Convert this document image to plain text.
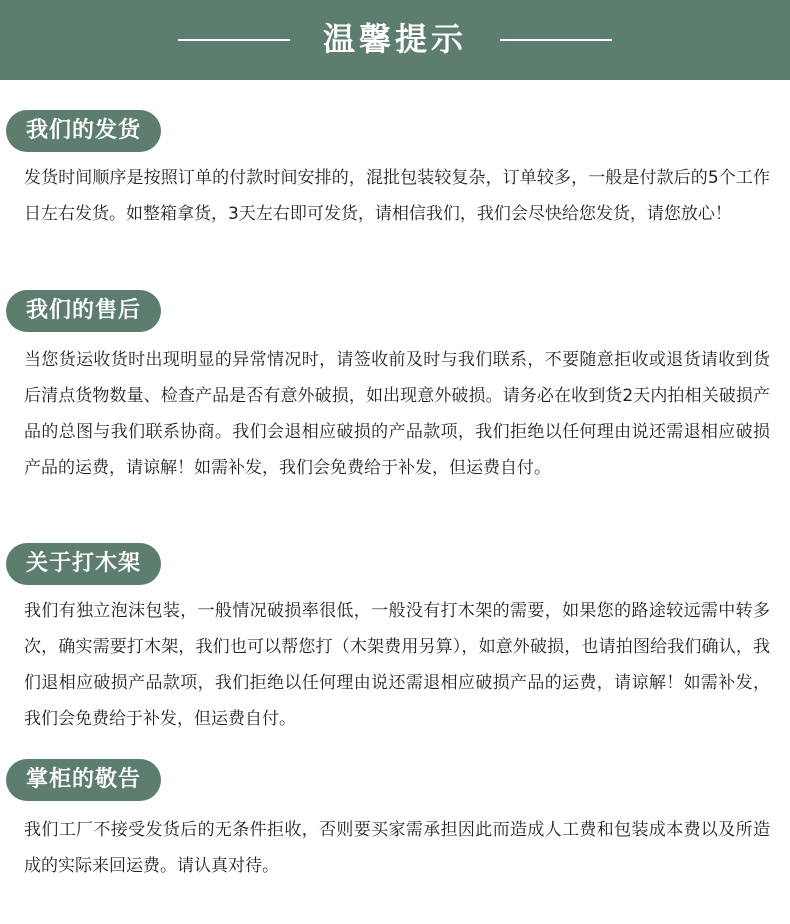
温馨提示
我们的发货
发货时间顺序是按照订单的付款时间安排的，混批包装较复杂，订单较多，一般是付款后的5个工作日左右发货。如整箱拿货，3天左右即可发货，请相信我们，我们会尽快给您发货，请您放心！
我们的售后
当您货运收货时出现明显的异常情况时，请签收前及时与我们联系，不要随意拒收或退货请收到货后清点货物数量、检查产品是否有意外破损，如出现意外破损。请务必在收到货2天内拍相关破损产品的总图与我们联系协商。我们会退相应破损的产品款项，我们拒绝以任何理由说还需退相应破损产品的运费，请谅解！如需补发，我们会免费给于补发，但运费自付。
关于打木架
我们有独立泡沫包装，一般情况破损率很低，一般没有打木架的需要，如果您的路途较远需中转多次，确实需要打木架，我们也可以帮您打（木架费用另算），如意外破损，也请拍图给我们确认，我们退相应破损产品款项，我们拒绝以任何理由说还需退相应破损产品的运费，请谅解！如需补发，我们会免费给于补发，但运费自付。
掌柜的敬告
我们工厂不接受发货后的无条件拒收，否则要买家需承担因此而造成人工费和包装成本费以及所造成的实际来回运费。请认真对待。
